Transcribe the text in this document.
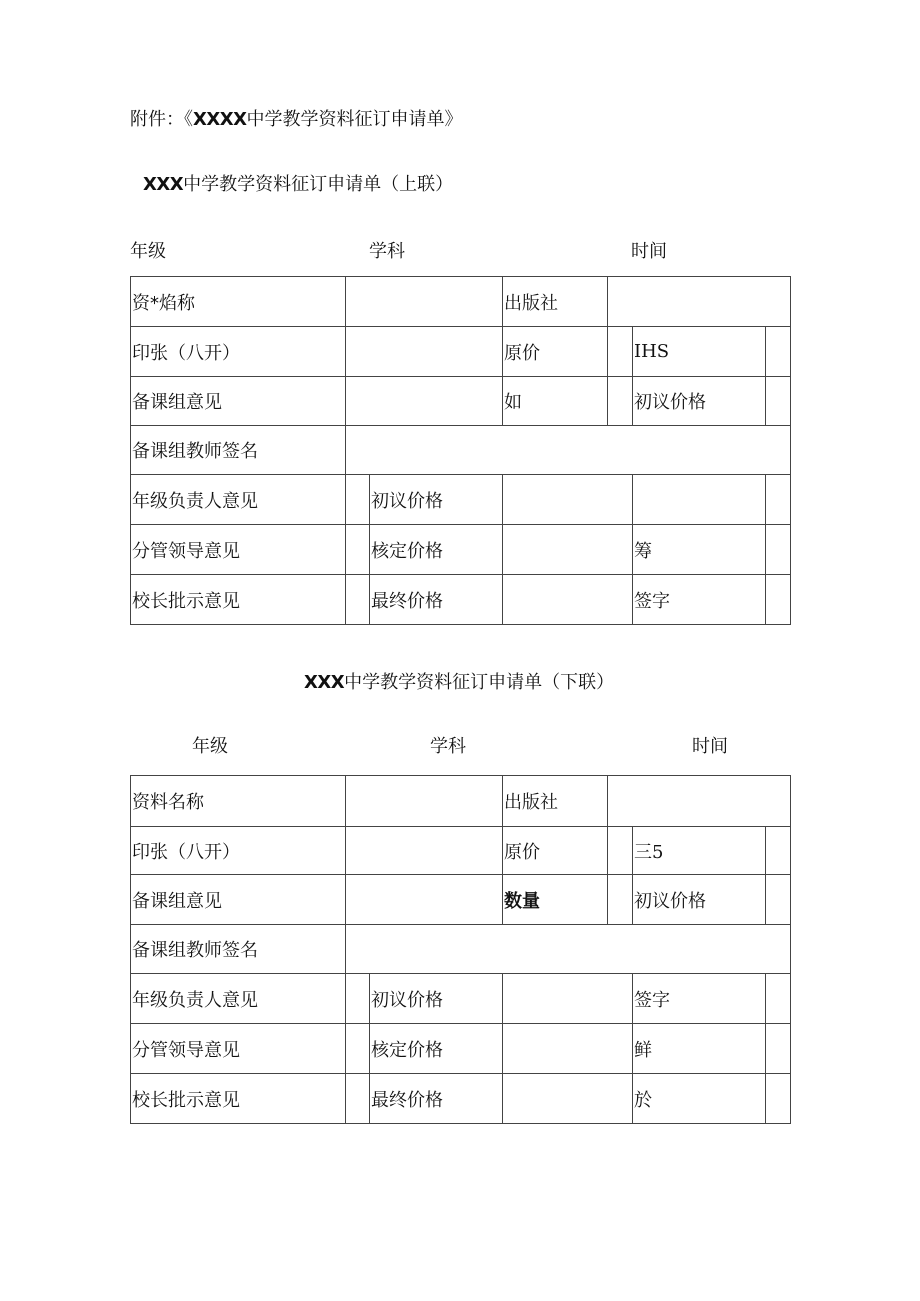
附件：《XXXX中学教学资料征订申请单》
XXX中学教学资料征订申请单（上联）
年级	学科	时间
资*焰称			出版社			
印张（八开）			原价		IHS	
备课组意见			如		初议价格	
备课组教师签名						
年级负责人意见		初议价格				
分管领导意见		核定价格			筹	
校长批示意见		最终价格			签字	
XXX中学教学资料征订申请单（下联）
年级	学科	时间
资料名称			出版社			
印张（八开）			原价		三5	
备课组意见			数量		初议价格	
备课组教师签名						
年级负责人意见		初议价格			签字	
分管领导意见		核定价格			鲜	
校长批示意见		最终价格			於	
